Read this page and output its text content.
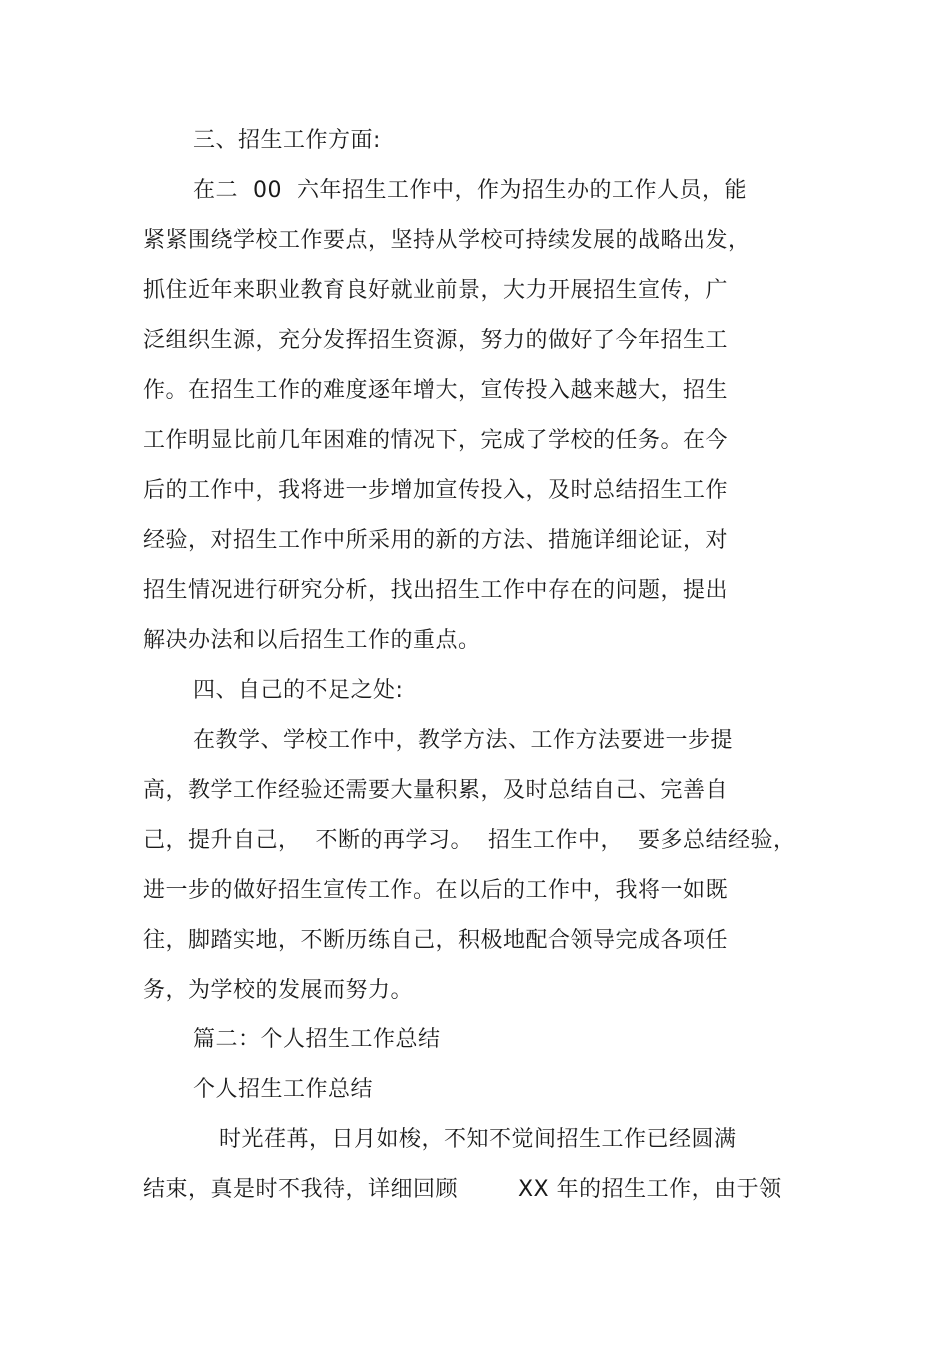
三、招生工作方面:
在二  00  六年招生工作中，作为招生办的工作人员，能
紧紧围绕学校工作要点，坚持从学校可持续发展的战略出发，
抓住近年来职业教育良好就业前景，大力开展招生宣传，广
泛组织生源，充分发挥招生资源，努力的做好了今年招生工
作。在招生工作的难度逐年增大，宣传投入越来越大，招生
工作明显比前几年困难的情况下，完成了学校的任务。在今
后的工作中，我将进一步增加宣传投入，及时总结招生工作
经验，对招生工作中所采用的新的方法、措施详细论证，对
招生情况进行研究分析，找出招生工作中存在的问题，提出
解决办法和以后招生工作的重点。
四、自己的不足之处:
在教学、学校工作中，教学方法、工作方法要进一步提
高，教学工作经验还需要大量积累，及时总结自己、完善自
己，提升自己，  不断的再学习。  招生工作中，  要多总结经验，
进一步的做好招生宣传工作。在以后的工作中，我将一如既
往，脚踏实地，不断历练自己，积极地配合领导完成各项任
务，为学校的发展而努力。
篇二：个人招生工作总结
个人招生工作总结
时光荏苒，日月如梭，不知不觉间招生工作已经圆满
结束，真是时不我待，详细回顾        XX 年的招生工作，由于领
